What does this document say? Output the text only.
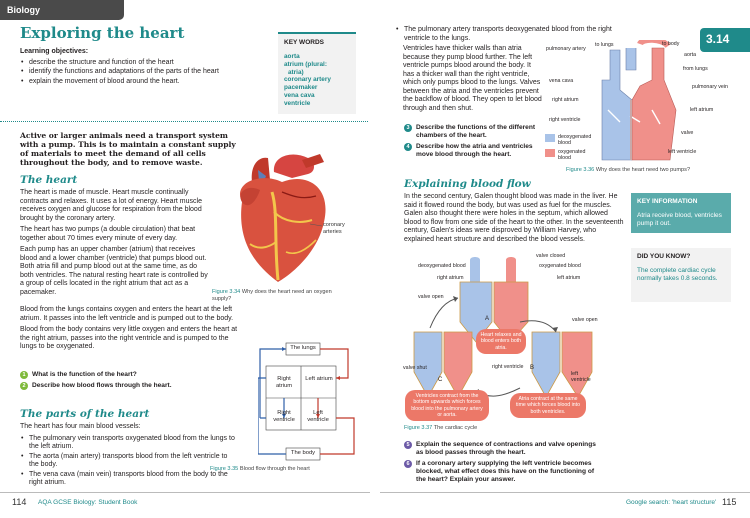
Biology
Exploring the heart
Learning objectives:
• describe the structure and function of the heart
• identify the functions and adaptations of the parts of the heart
• explain the movement of blood around the heart.
KEY WORDS
aorta
atrium (plural:
atria)
coronary artery
pacemaker
vena cava
ventricle
Active or larger animals need a transport system with a pump. This is to maintain a constant supply of materials to meet the demand of all cells throughout the body, and to remove waste.
The heart

The heart is made of muscle. Heart muscle continually contracts and relaxes. It uses a lot of energy. Heart muscle receives oxygen and glucose for respiration from the blood brought by the coronary artery.

The heart has two pumps (a double circulation) that beat together about 70 times every minute of every day.

Each pump has an upper chamber (atrium) that receives blood and a lower chamber (ventricle) that pumps blood out. Both atria fill and pump blood out at the same time, as do both ventricles. The natural resting heart rate is controlled by a group of cells located in the right atrium that act as a pacemaker.

Blood from the lungs contains oxygen and enters the heart at the left atrium. It passes into the left ventricle and is pumped out to the body.

Blood from the body contains very little oxygen and enters the heart at the right atrium, passes into the right ventricle and is pumped to the lungs to be oxygenated.

coronary arteries
Figure 3.34 Why does the heart need an oxygen supply?
1 What is the function of the heart?
2 Describe how blood flows through the heart.
The lungs
Right atrium
Left atrium
Right ventricle
Left ventricle
The body
Figure 3.35 Blood flow through the heart
The parts of the heart

The heart has four main blood vessels:

• The pulmonary vein transports oxygenated blood from the lungs to the left atrium.
• The aorta (main artery) transports blood from the left ventricle to the body.
• The vena cava (main vein) transports blood from the body to the right atrium.
114 AQA GCSE Biology: Student Book
3.14
• The pulmonary artery transports deoxygenated blood from the right ventricle to the lungs.
Ventricles have thicker walls than atria because they pump blood further. The left ventricle pumps blood around the body. It has a thicker wall than the right ventricle, which only pumps blood to the lungs. Valves between the atria and the ventricles prevent the backflow of blood. They open to let blood through and then shut.
3 Describe the functions of the different chambers of the heart.
4 Describe how the atria and ventricles move blood through the heart.
to lungs	to body
pulmonary artery
aorta
from lungs
vena cava
pulmonary vein
right atrium
left atrium
right ventricle
valve
left ventricle
deoxygenated blood
oxygenated blood
Figure 3.36 Why does the heart need two pumps?
Explaining blood flow
In the second century, Galen thought blood was made in the liver. He said it flowed round the body, but was used as fuel for the muscles. Galen also thought there were holes in the septum, which allowed blood to flow from one side of the heart to the other. In the seventeenth century, Galen's ideas were disproved by William Harvey, who explained heart structure and described the blood vessels.
KEY INFORMATION
Atria receive blood, ventricles pump it out.
DID YOU KNOW?
The complete cardiac cycle normally takes 0.8 seconds.
valve closed
deoxygenated blood	oxygenated blood
right atrium	left atrium
valve open
valve open
A
Heart relaxes and blood enters both atria.
valve shut	right ventricle B
left ventricle
C
Atria contract at the same time which forces blood into both ventricles.
Ventricles contract from the bottom upwards which forces blood into the pulmonary artery or aorta.
Figure 3.37 The cardiac cycle
5 Explain the sequence of contractions and valve openings as blood passes through the heart.
6 If a coronary artery supplying the left ventricle becomes blocked, what effect does this have on the functioning of the heart? Explain your answer.
Google search: 'heart structure' 115
